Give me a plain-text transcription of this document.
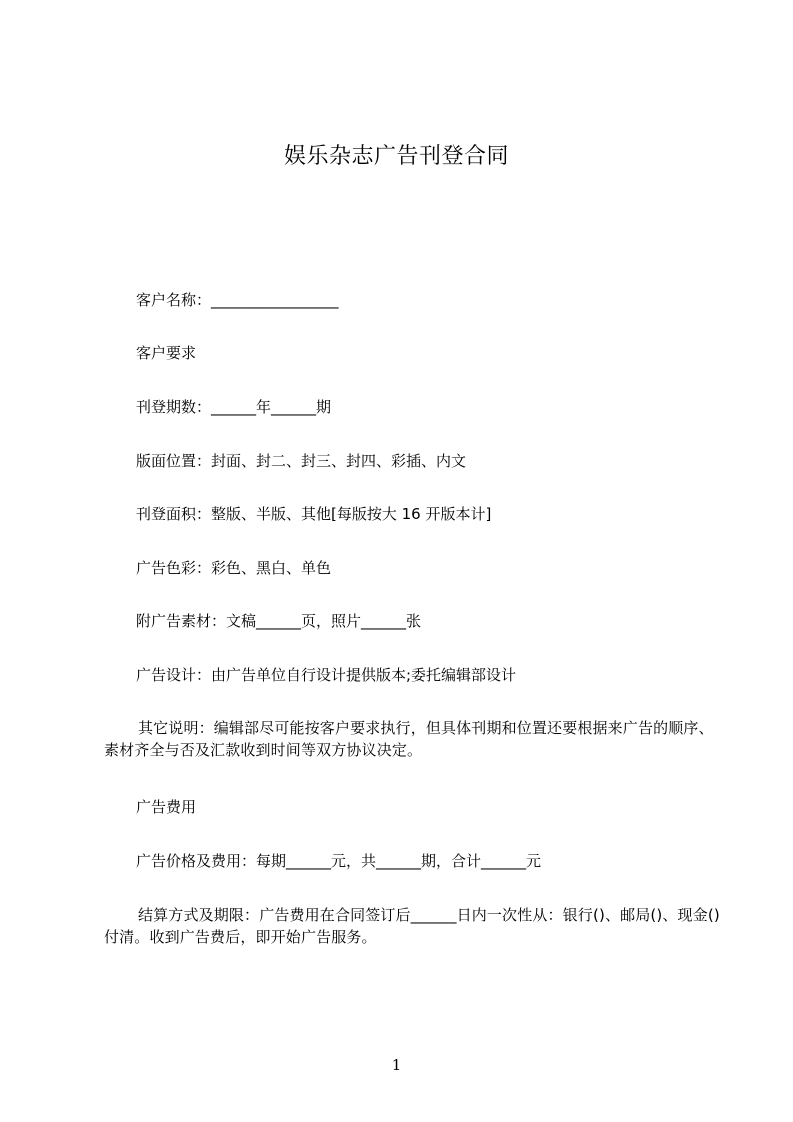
娱乐杂志广告刊登合同
客户名称：_________________
客户要求
刊登期数：______年______期
版面位置：封面、封二、封三、封四、彩插、内文
刊登面积：整版、半版、其他[每版按大 16 开版本计]
广告色彩：彩色、黑白、单色
附广告素材：文稿______页，照片______张
广告设计：由广告单位自行设计提供版本;委托编辑部设计
其它说明：编辑部尽可能按客户要求执行，但具体刊期和位置还要根据来广告的顺序、素材齐全与否及汇款收到时间等双方协议决定。
广告费用
广告价格及费用：每期______元，共______期，合计______元
结算方式及期限：广告费用在合同签订后______日内一次性从：银行()、邮局()、现金()付清。收到广告费后，即开始广告服务。
1
